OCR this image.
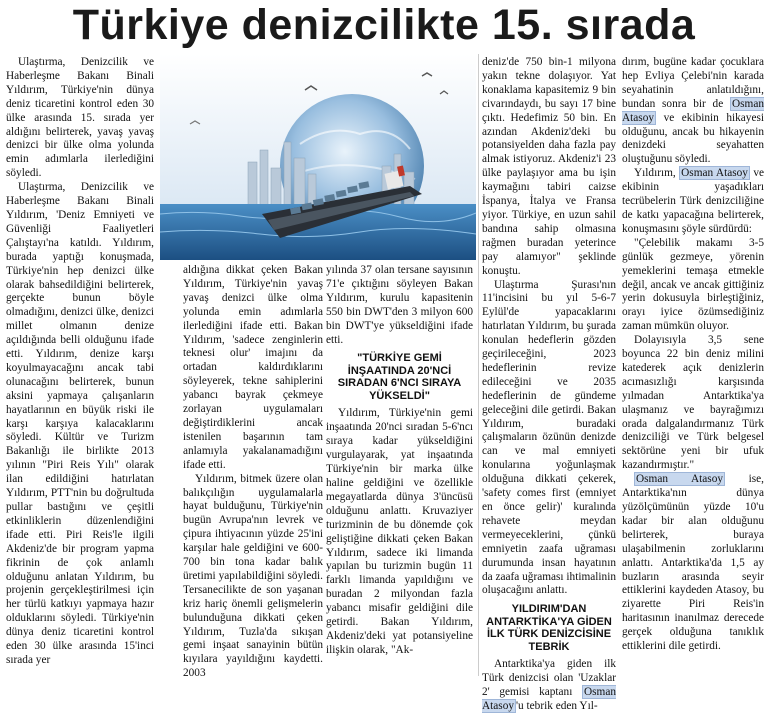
Türkiye denizcilikte 15. sırada

Ulaştırma, Denizcilik ve Haberleşme Bakanı Binali Yıldırım, Türkiye'nin dünya deniz ticaretini kontrol eden 30 ülke arasında 15. sırada yer aldığını belirterek, yavaş yavaş denizci bir ülke olma yolunda emin adımlarla ilerlediğini söyledi.

Ulaştırma, Denizcilik ve Haberleşme Bakanı Binali Yıldırım, 'Deniz Emniyeti ve Güvenliği Faaliyetleri Çalıştayı'na katıldı. Yıldırım, burada yaptığı konuşmada, Türkiye'nin hep denizci ülke olarak bahsedildiğini belirterek, gerçekte bunun böyle olmadığını, denizci ülke, denizci millet olmanın denize açıldığında belli olduğunu ifade etti. Yıldırım, denize karşı koyulmayacağını ancak tabi olunacağını belirterek, bunun aksini yapmaya çalışanların hayatlarının en büyük riski ile karşı karşıya kalacaklarını söyledi. Kültür ve Turizm Bakanlığı ile birlikte 2013 yılının "Piri Reis Yılı" olarak ilan edildiğini hatırlatan Yıldırım, PTT'nin bu doğrultuda pullar bastığını ve çeşitli etkinliklerin düzenlendiğini ifade etti. Piri Reis'le ilgili Akdeniz'de bir program yapma fikrinin de çok anlamlı olduğunu anlatan Yıldırım, bu projenin gerçekleştirilmesi için her türlü katkıyı yapmaya hazır olduklarını söyledi. Türkiye'nin dünya deniz ticaretini kontrol eden 30 ülke arasında 15'inci sırada yer

aldığına dikkat çeken Bakan Yıldırım, Türkiye'nin yavaş yavaş denizci ülke olma yolunda emin adımlarla ilerlediğini ifade etti. Bakan Yıldırım, 'sadece zenginlerin teknesi olur' imajını da ortadan kaldırdıklarını söyleyerek, tekne sahiplerini yabancı bayrak çekmeye zorlayan uygulamaları değiştirdiklerini ancak istenilen başarının tam anlamıyla yakalanamadığını ifade etti.

Yıldırım, bitmek üzere olan balıkçılığın uygulamalarla hayat bulduğunu, Türkiye'nin bugün Avrupa'nın levrek ve çipura ihtiyacının yüzde 25'ini karşılar hale geldiğini ve 600-700 bin tona kadar balık üretimi yapılabildiğini söyledi. Tersanecilikte de son yaşanan kriz hariç önemli gelişmelerin bulunduğuna dikkati çeken Yıldırım, Tuzla'da sıkışan gemi inşaat sanayinin bütün kıyılara yayıldığını kaydetti. 2003

yılında 37 olan tersane sayısının 71'e çıktığını söyleyen Bakan Yıldırım, kurulu kapasitenin 550 bin DWT'den 3 milyon 600 bin DWT'ye yükseldiğini ifade etti.

"TÜRKİYE GEMİ İNŞAATINDA 20'NCİ SIRADAN 6'NCI SIRAYA YÜKSELDİ"

Yıldırım, Türkiye'nin gemi inşaatında 20'nci sıradan 5-6'ncı sıraya kadar yükseldiğini vurgulayarak, yat inşaatında Türkiye'nin bir marka ülke haline geldiğini ve özellikle megayatlarda dünya 3'üncüsü olduğunu anlattı. Kruvaziyer turizminin de bu dönemde çok geliştiğine dikkati çeken Bakan Yıldırım, sadece iki limanda yapılan bu turizmin bugün 11 farklı limanda yapıldığını ve buradan 2 milyondan fazla yabancı misafir geldiğini dile getirdi. Bakan Yıldırım, Akdeniz'deki yat potansiyeline ilişkin olarak, "Ak-

deniz'de 750 bin-1 milyona yakın tekne dolaşıyor. Yat konaklama kapasitemiz 9 bin civarındaydı, bu sayı 17 bine çıktı. Hedefimiz 50 bin. En azından Akdeniz'deki bu potansiyelden daha fazla pay almak istiyoruz. Akdeniz'i 23 ülke paylaşıyor ama bu işin kaymağını tabiri caizse İspanya, İtalya ve Fransa yiyor. Türkiye, en uzun sahil bandına sahip olmasına rağmen buradan yeterince pay alamıyor" şeklinde konuştu.

Ulaştırma Şurası'nın 11'incisini bu yıl 5-6-7 Eylül'de yapacaklarını hatırlatan Yıldırım, bu şurada konulan hedeflerin gözden geçirileceğini, 2023 hedeflerinin revize edileceğini ve 2035 hedeflerinin de gündeme geleceğini dile getirdi. Bakan Yıldırım, buradaki çalışmaların özünün denizde can ve mal emniyeti konularına yoğunlaşmak olduğuna dikkati çekerek, 'safety comes first (emniyet en önce gelir)' kuralında rehavete meydan vermeyeceklerini, çünkü emniyetin zaafa uğraması durumunda insan hayatının da zaafa uğraması ihtimalinin oluşacağını anlattı.

YILDIRIM'DAN ANTARKTİKA'YA GİDEN İLK TÜRK DENİZCİSİNE TEBRİK

Antarktika'ya giden ilk Türk denizcisi olan 'Uzaklar 2' gemisi kaptanı Osman Atasoy 'u tebrik eden Yıl-

dırım, bugüne kadar çocuklara hep Evliya Çelebi'nin karada seyahatinin anlatıldığını, bundan sonra bir de Osman Atasoy ve ekibinin hikayesi olduğunu, ancak bu hikayenin denizdeki seyahatten oluştuğunu söyledi.

Yıldırım, Osman Atasoy ve ekibinin yaşadıkları tecrübelerin Türk denizciliğine de katkı yapacağına belirterek, konuşmasını şöyle sürdürdü:

"Çelebilik makamı 3-5 günlük gezmeye, yörenin yemeklerini temaşa etmekle değil, ancak ve ancak gittiğiniz yerin dokusuyla birleştiğiniz, orayı iyice özümsediğiniz zaman mümkün oluyor.

Dolayısıyla 3,5 sene boyunca 22 bin deniz milini katederek açık denizlerin acımasızlığı karşısında yılmadan Antarktika'ya ulaşmanız ve bayrağımızı orada dalgalandırmanız Türk denizciliği ve Türk belgesel sektörüne yeni bir ufuk kazandırmıştır."

Osman Atasoy ise, Antarktika'nın dünya yüzölçümünün yüzde 10'u kadar bir alan olduğunu belirterek, buraya ulaşabilmenin zorluklarını anlattı. Antarktika'da 1,5 ay buzların arasında seyir ettiklerini kaydeden Atasoy, bu ziyarette Piri Reis'in haritasının inanılmaz derecede gerçek olduğuna tanıklık ettiklerini dile getirdi.
